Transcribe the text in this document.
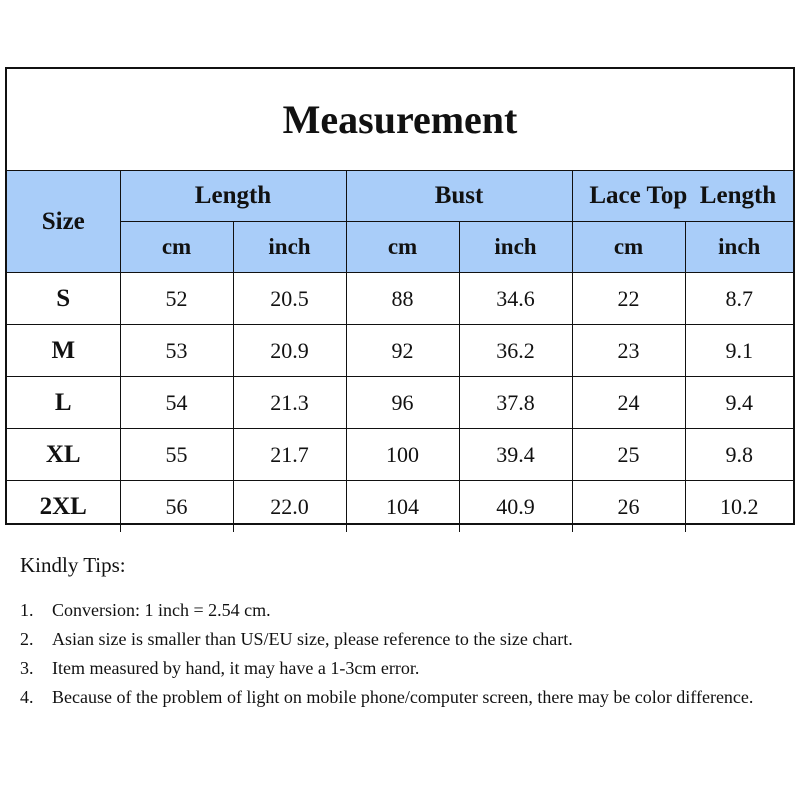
Measurement
Size	Length		Bust		Lace Top  Length	
	cm	inch	cm	inch	cm	inch
S	52	20.5	88	34.6	22	8.7
M	53	20.9	92	36.2	23	9.1
L	54	21.3	96	37.8	24	9.4
XL	55	21.7	100	39.4	25	9.8
2XL	56	22.0	104	40.9	26	10.2
Kindly Tips:
1.	Conversion: 1 inch = 2.54 cm.
2.	Asian size is smaller than US/EU size, please reference to the size chart.
3.	Item measured by hand, it may have a 1-3cm error.
4.	Because of the problem of light on mobile phone/computer screen, there may be color difference.
